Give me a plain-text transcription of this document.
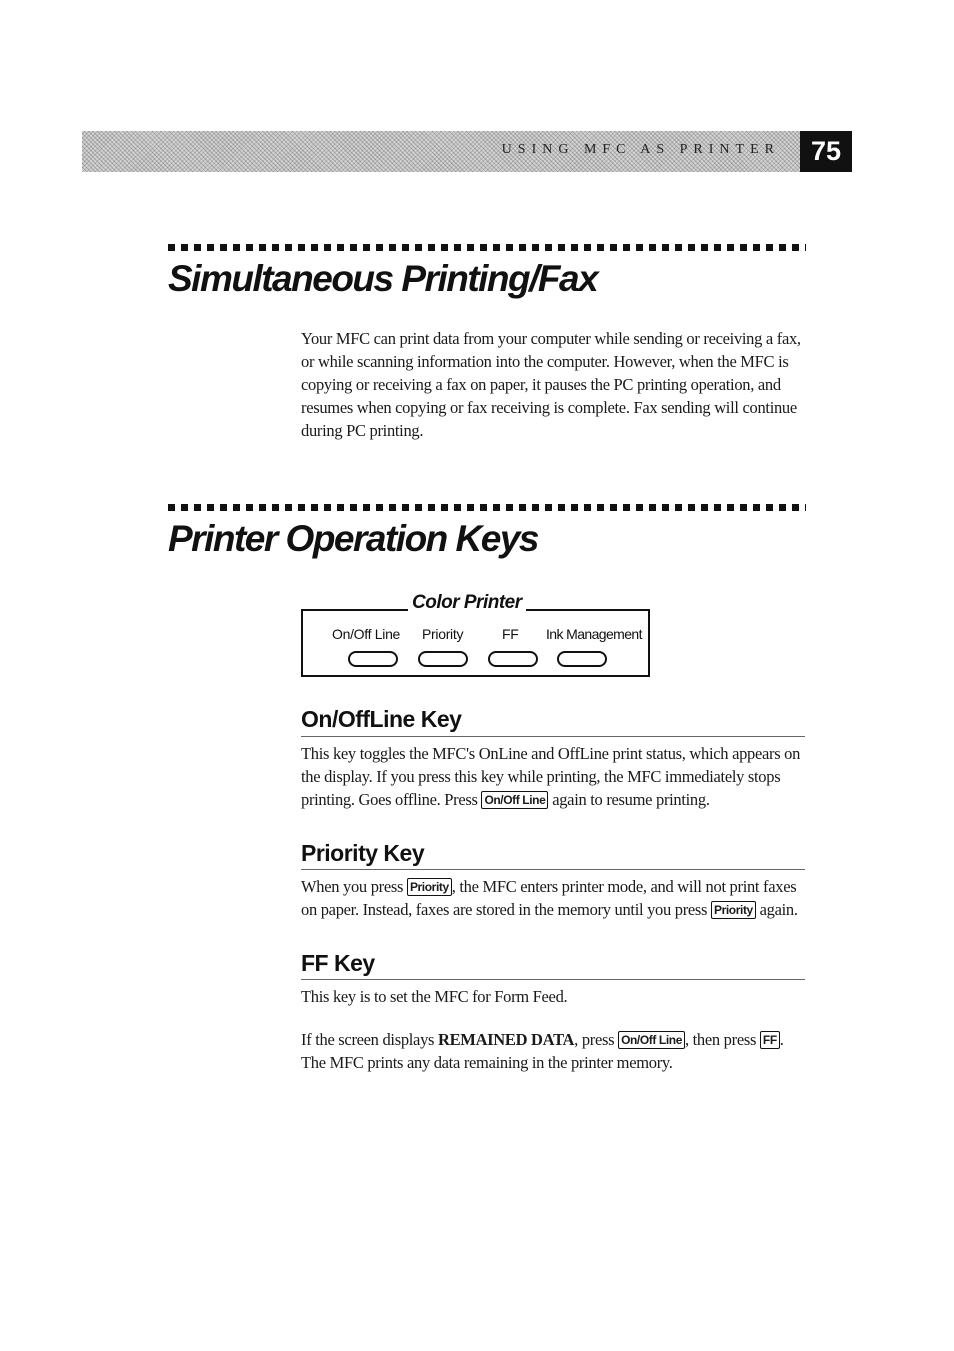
USING MFC AS PRINTER	75
Simultaneous Printing/Fax

Your MFC can print data from your computer while sending or receiving a fax, or while scanning information into the computer. However, when the MFC is copying or receiving a fax on paper, it pauses the PC printing operation, and resumes when copying or fax receiving is complete. Fax sending will continue during PC printing.

Printer Operation Keys
Color Printer
On/Off Line Priority	FF Ink Management
On/OffLine Key

This key toggles the MFC's OnLine and OffLine print status, which appears on the display. If you press this key while printing, the MFC immediately stops printing. Goes offline. Press On/Off Line again to resume printing.

Priority Key

When you press Priority , the MFC enters printer mode, and will not print faxes on paper. Instead, faxes are stored in the memory until you press Priority again.

FF Key

This key is to set the MFC for Form Feed.

If the screen displays REMAINED DATA, press On/Off Line , then press FF . The MFC prints any data remaining in the printer memory.
